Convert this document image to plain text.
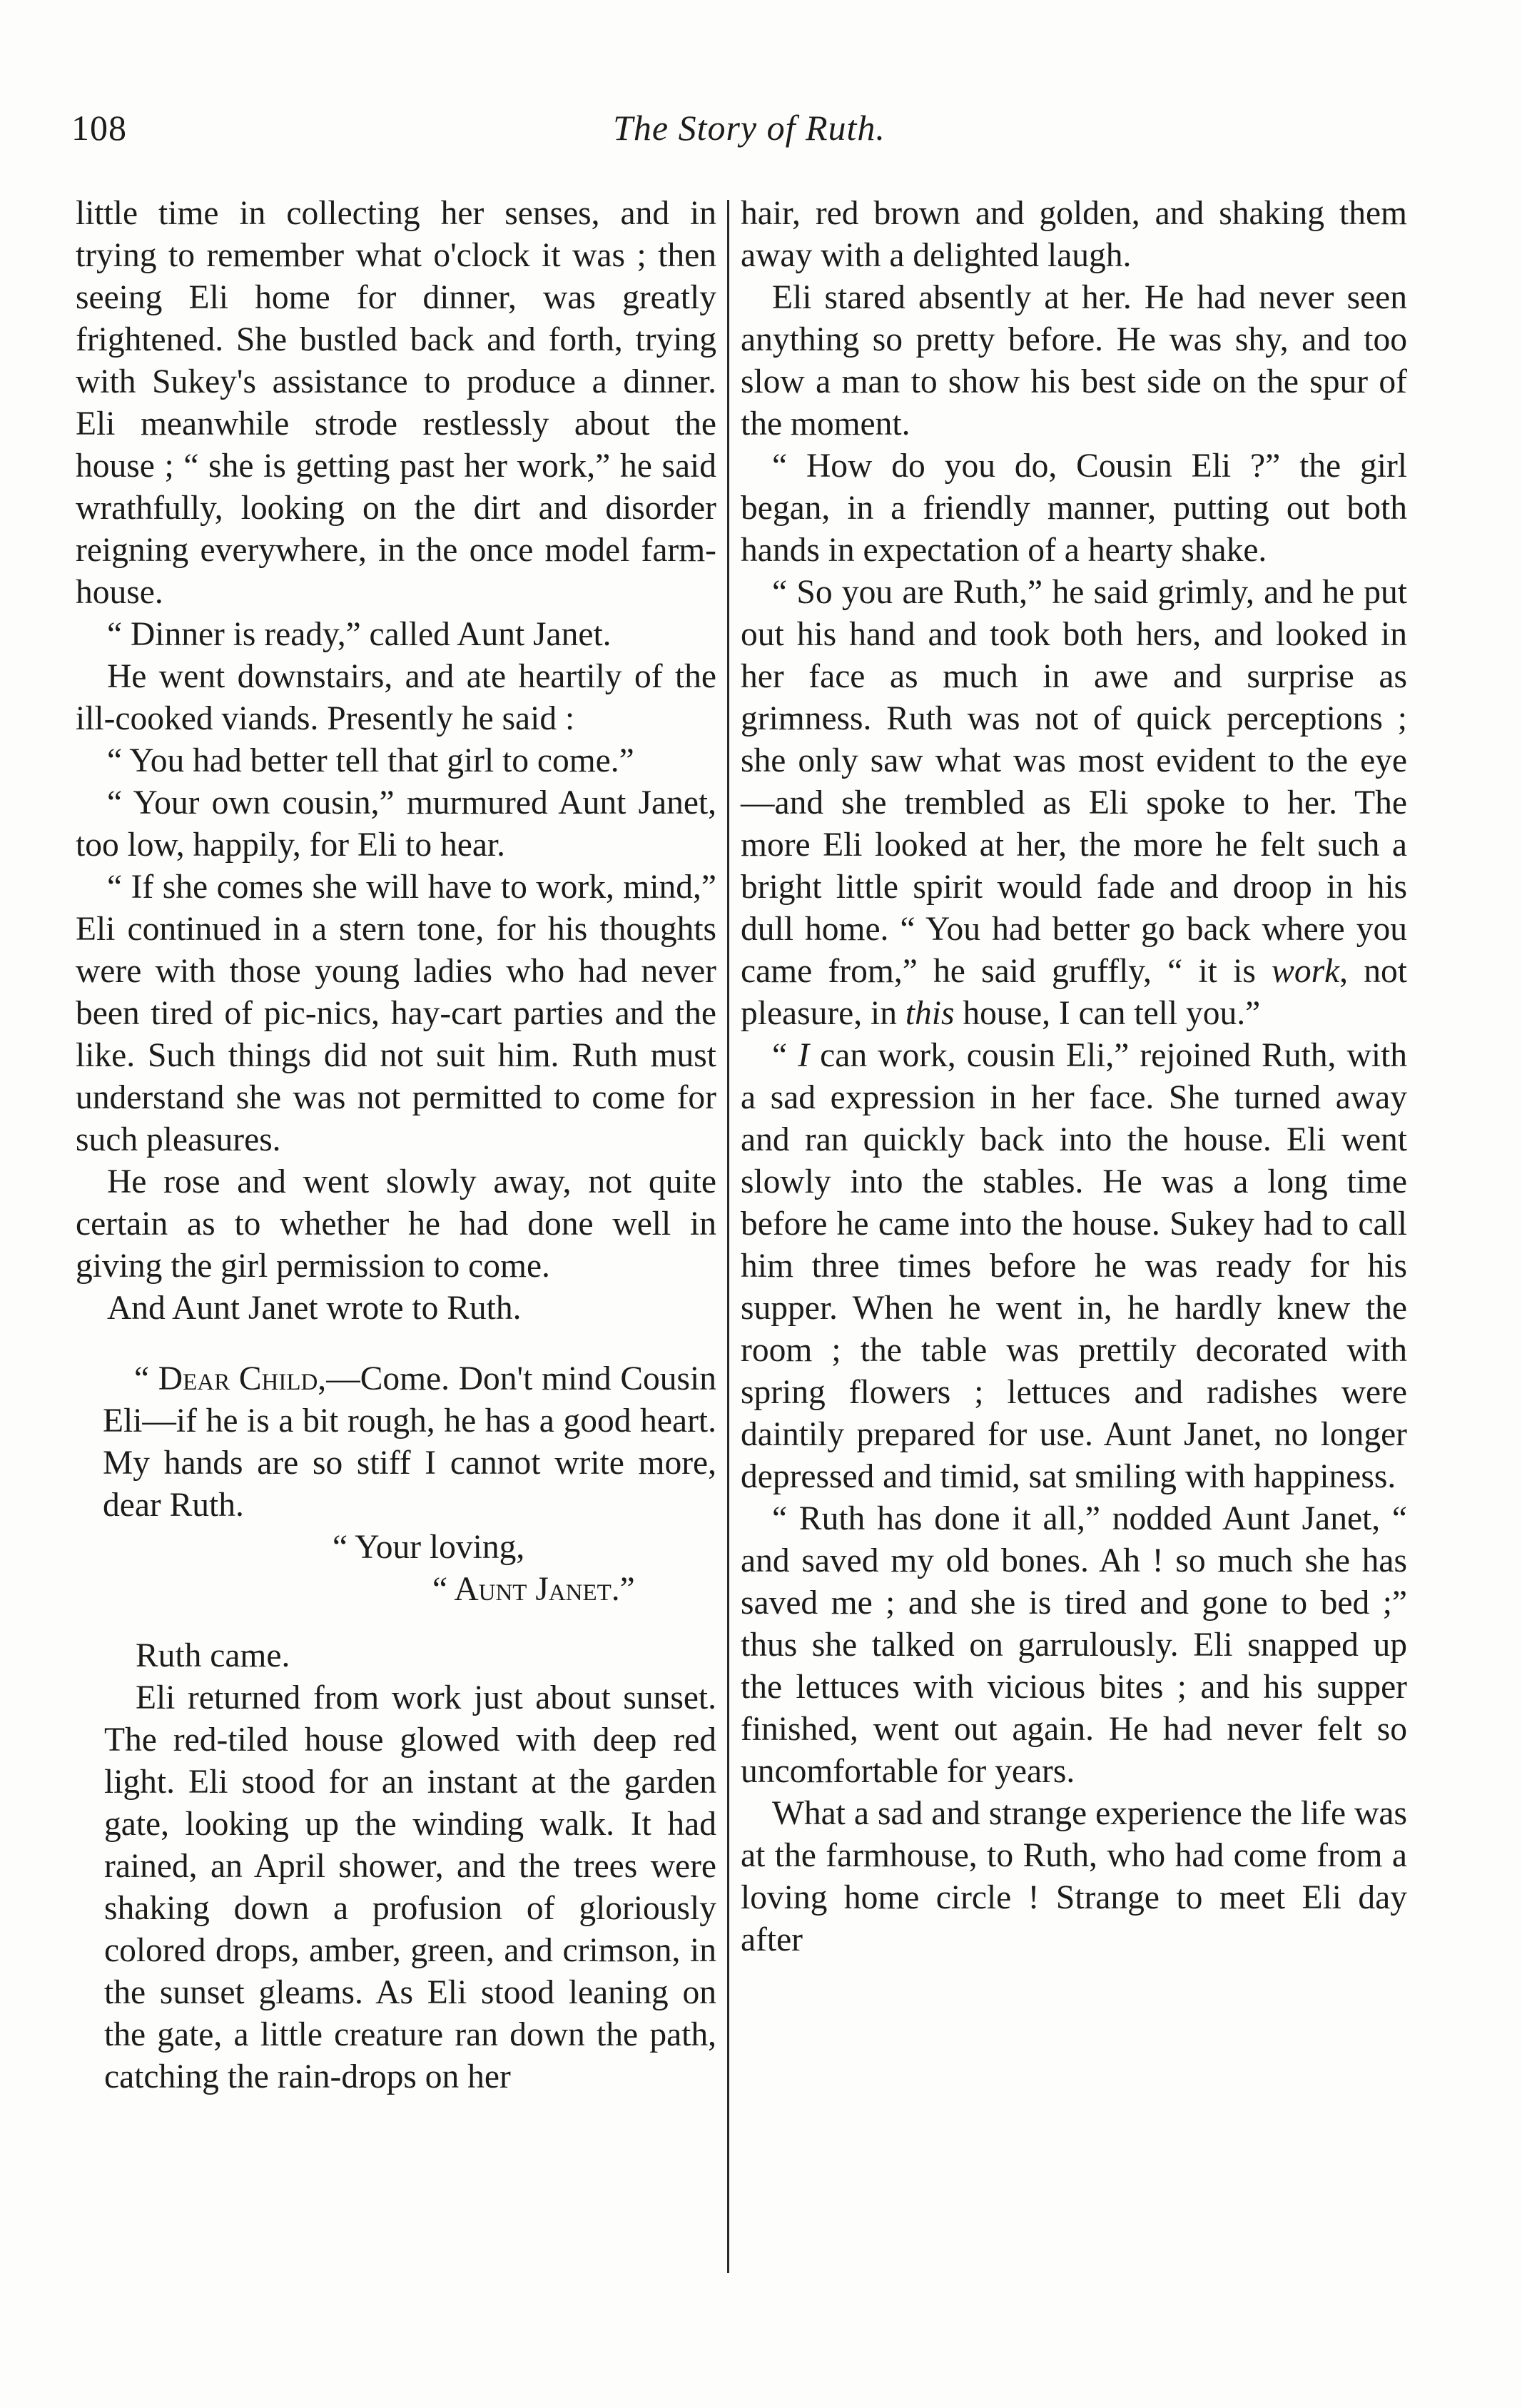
108	The Story of Ruth.

little time in collecting her senses, and in trying to remember what o'clock it was ; then seeing Eli home for dinner, was greatly frightened. She bustled back and forth, trying with Sukey's assistance to produce a dinner. Eli meanwhile strode restlessly about the house ; “ she is getting past her work,” he said wrathfully, looking on the dirt and disorder reigning everywhere, in the once model farm-house.

“ Dinner is ready,” called Aunt Janet.

He went downstairs, and ate heartily of the ill-cooked viands. Presently he said :

“ You had better tell that girl to come.”

“ Your own cousin,” murmured Aunt Janet, too low, happily, for Eli to hear.

“ If she comes she will have to work, mind,” Eli continued in a stern tone, for his thoughts were with those young ladies who had never been tired of pic-nics, hay-cart parties and the like. Such things did not suit him. Ruth must understand she was not permitted to come for such pleasures.

He rose and went slowly away, not quite certain as to whether he had done well in giving the girl permission to come.

And Aunt Janet wrote to Ruth.

“ Dear Child,—Come. Don't mind Cousin Eli—if he is a bit rough, he has a good heart. My hands are so stiff I cannot write more, dear Ruth.

“ Your loving,

“ Aunt Janet.”

Ruth came.

Eli returned from work just about sunset. The red-tiled house glowed with deep red light. Eli stood for an instant at the garden gate, looking up the winding walk. It had rained, an April shower, and the trees were shaking down a profusion of gloriously colored drops, amber, green, and crimson, in the sunset gleams. As Eli stood leaning on the gate, a little creature ran down the path, catching the rain-drops on her

hair, red brown and golden, and shaking them away with a delighted laugh.

Eli stared absently at her. He had never seen anything so pretty before. He was shy, and too slow a man to show his best side on the spur of the moment.

“ How do you do, Cousin Eli ?” the girl began, in a friendly manner, putting out both hands in expectation of a hearty shake.

“ So you are Ruth,” he said grimly, and he put out his hand and took both hers, and looked in her face as much in awe and surprise as grimness. Ruth was not of quick perceptions ; she only saw what was most evident to the eye—and she trembled as Eli spoke to her. The more Eli looked at her, the more he felt such a bright little spirit would fade and droop in his dull home. “ You had better go back where you came from,” he said gruffly, “ it is work, not pleasure, in this house, I can tell you.”

“ I can work, cousin Eli,” rejoined Ruth, with a sad expression in her face. She turned away and ran quickly back into the house. Eli went slowly into the stables. He was a long time before he came into the house. Sukey had to call him three times before he was ready for his supper. When he went in, he hardly knew the room ; the table was prettily decorated with spring flowers ; lettuces and radishes were daintily prepared for use. Aunt Janet, no longer depressed and timid, sat smiling with happiness.

“ Ruth has done it all,” nodded Aunt Janet, “ and saved my old bones. Ah ! so much she has saved me ; and she is tired and gone to bed ;” thus she talked on garrulously. Eli snapped up the lettuces with vicious bites ; and his supper finished, went out again. He had never felt so uncomfortable for years.

What a sad and strange experience the life was at the farmhouse, to Ruth, who had come from a loving home circle ! Strange to meet Eli day after
